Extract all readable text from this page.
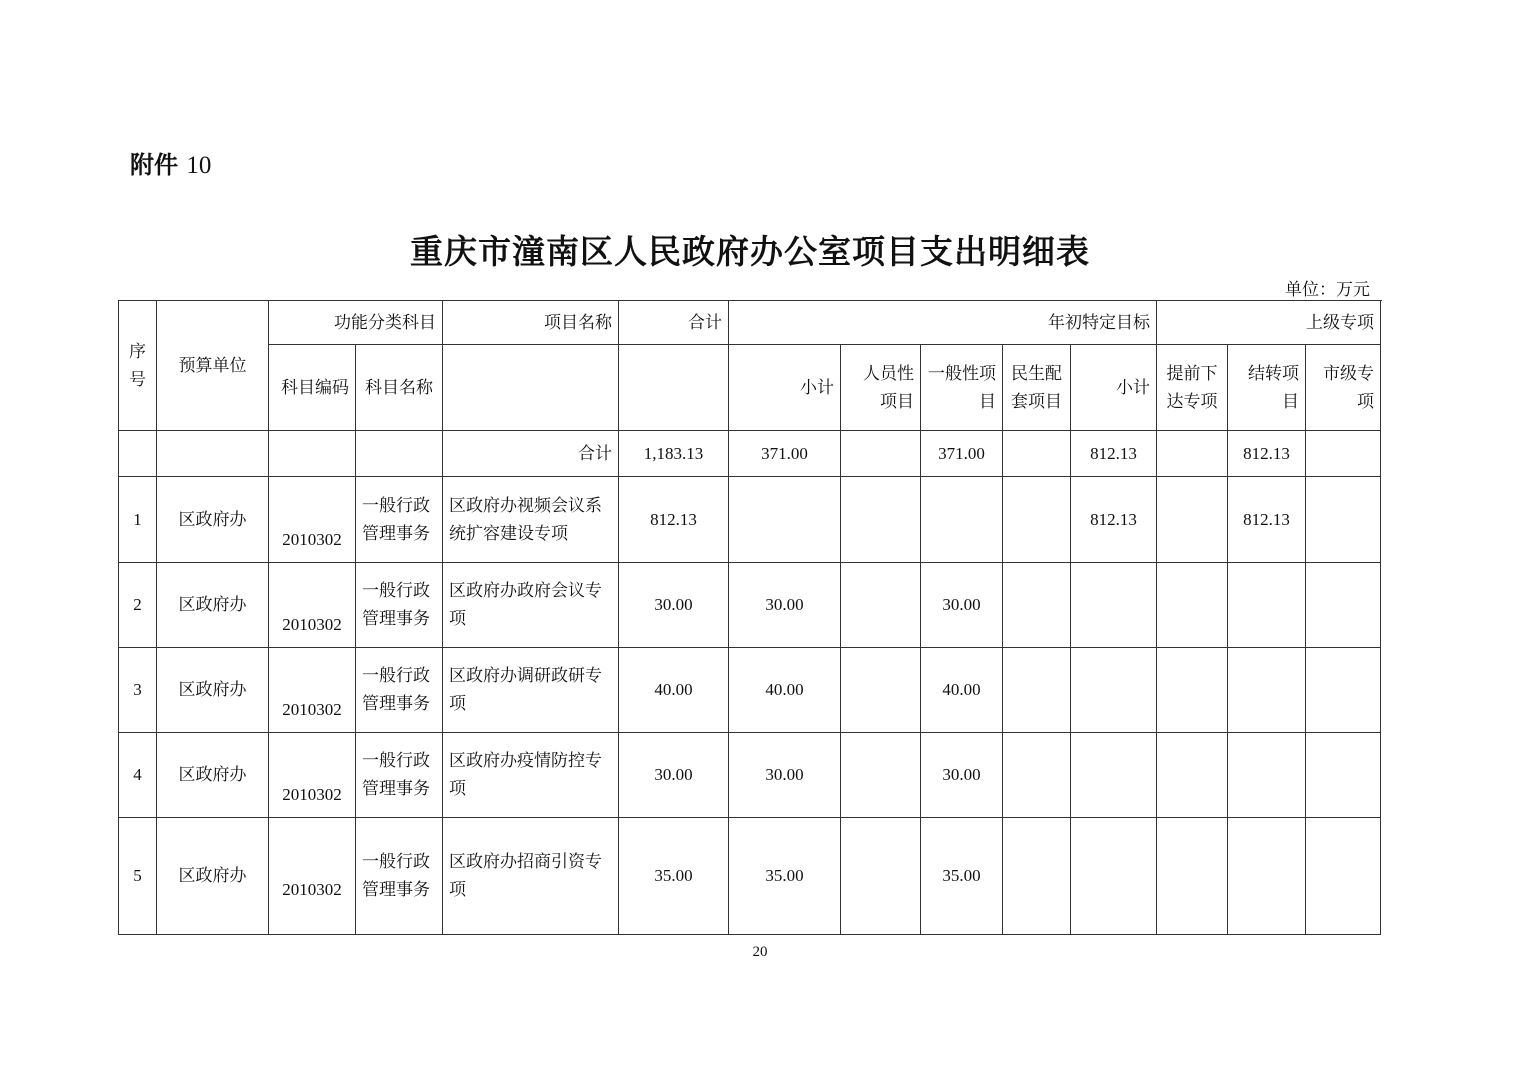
附件 10
重庆市潼南区人民政府办公室项目支出明细表
单位：万元
序号	预算单位	功能分类科目		项目名称	合计	年初特定目标					上级专项		
		科目编码	科目名称			小计	人员性项目	一般性项目	民生配套项目	小计	提前下达专项	结转项目	市级专项
				合计	1,183.13	371.00		371.00		812.13		812.13	
1	区政府办	2010302	一般行政管理事务	区政府办视频会议系统扩容建设专项	812.13					812.13		812.13	
2	区政府办	2010302	一般行政管理事务	区政府办政府会议专项	30.00	30.00		30.00					
3	区政府办	2010302	一般行政管理事务	区政府办调研政研专项	40.00	40.00		40.00					
4	区政府办	2010302	一般行政管理事务	区政府办疫情防控专项	30.00	30.00		30.00					
5	区政府办	2010302	一般行政管理事务	区政府办招商引资专项	35.00	35.00		35.00					
20
